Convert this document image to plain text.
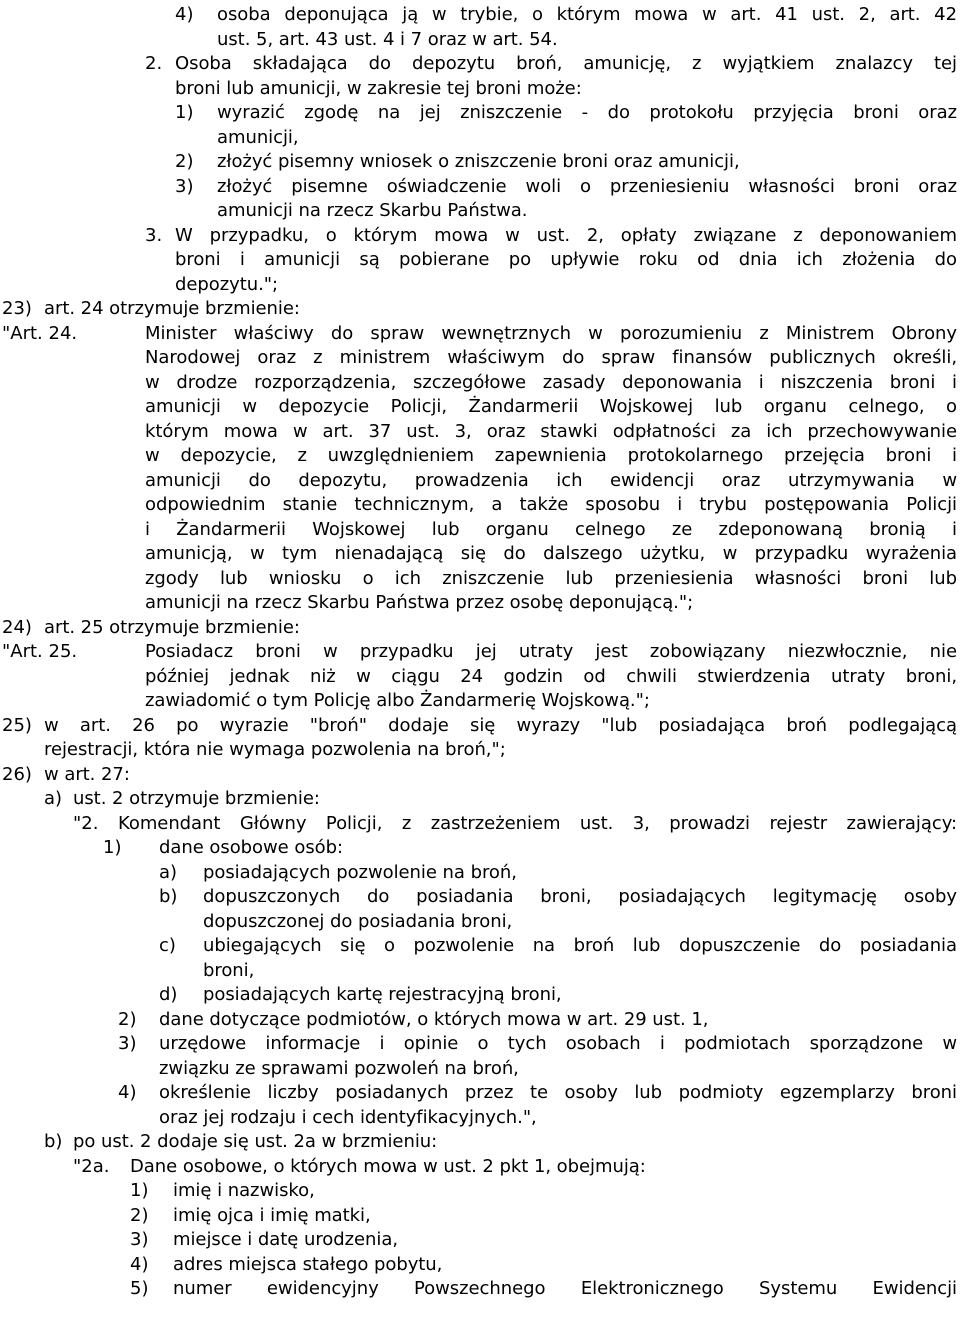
4) osoba deponująca ją w trybie, o którym mowa w art. 41 ust. 2, art. 42
ust. 5, art. 43 ust. 4 i 7 oraz w art. 54.
2. Osoba składająca do depozytu broń, amunicję, z wyjątkiem znalazcy tej
broni lub amunicji, w zakresie tej broni może:
1) wyrazić zgodę na jej zniszczenie - do protokołu przyjęcia broni oraz
amunicji,
2) złożyć pisemny wniosek o zniszczenie broni oraz amunicji,
3) złożyć pisemne oświadczenie woli o przeniesieniu własności broni oraz
amunicji na rzecz Skarbu Państwa.
3. W przypadku, o którym mowa w ust. 2, opłaty związane z deponowaniem
broni i amunicji są pobierane po upływie roku od dnia ich złożenia do
depozytu.";
23) art. 24 otrzymuje brzmienie:
"Art. 24.	Minister właściwy do spraw wewnętrznych w porozumieniu z Ministrem Obrony
Narodowej oraz z ministrem właściwym do spraw finansów publicznych określi,
w drodze rozporządzenia, szczegółowe zasady deponowania i niszczenia broni i
amunicji w depozycie Policji, Żandarmerii Wojskowej lub organu celnego, o
którym mowa w art. 37 ust. 3, oraz stawki odpłatności za ich przechowywanie
w depozycie, z uwzględnieniem zapewnienia protokolarnego przejęcia broni i
amunicji do depozytu, prowadzenia ich ewidencji oraz utrzymywania w
odpowiednim stanie technicznym, a także sposobu i trybu postępowania Policji
i Żandarmerii Wojskowej lub organu celnego ze zdeponowaną bronią i
amunicją, w tym nienadającą się do dalszego użytku, w przypadku wyrażenia
zgody lub wniosku o ich zniszczenie lub przeniesienia własności broni lub
amunicji na rzecz Skarbu Państwa przez osobę deponującą.";
24) art. 25 otrzymuje brzmienie:
"Art. 25.	Posiadacz broni w przypadku jej utraty jest zobowiązany niezwłocznie, nie
później jednak niż w ciągu 24 godzin od chwili stwierdzenia utraty broni,
zawiadomić o tym Policję albo Żandarmerię Wojskową.";
25) w art. 26 po wyrazie "broń" dodaje się wyrazy "lub posiadająca broń podlegającą
rejestracji, która nie wymaga pozwolenia na broń,";
26) w art. 27:
a) ust. 2 otrzymuje brzmienie:
"2. Komendant Główny Policji, z zastrzeżeniem ust. 3, prowadzi rejestr zawierający:
1) dane osobowe osób:
a) posiadających pozwolenie na broń,
b) dopuszczonych do posiadania broni, posiadających legitymację osoby
dopuszczonej do posiadania broni,
c) ubiegających się o pozwolenie na broń lub dopuszczenie do posiadania
broni,
d) posiadających kartę rejestracyjną broni,
2) dane dotyczące podmiotów, o których mowa w art. 29 ust. 1,
3) urzędowe informacje i opinie o tych osobach i podmiotach sporządzone w
związku ze sprawami pozwoleń na broń,
4) określenie liczby posiadanych przez te osoby lub podmioty egzemplarzy broni
oraz jej rodzaju i cech identyfikacyjnych.",
b) po ust. 2 dodaje się ust. 2a w brzmieniu:
"2a. Dane osobowe, o których mowa w ust. 2 pkt 1, obejmują:
1) imię i nazwisko,
2) imię ojca i imię matki,
3) miejsce i datę urodzenia,
4) adres miejsca stałego pobytu,
5) numer ewidencyjny Powszechnego Elektronicznego Systemu Ewidencji
